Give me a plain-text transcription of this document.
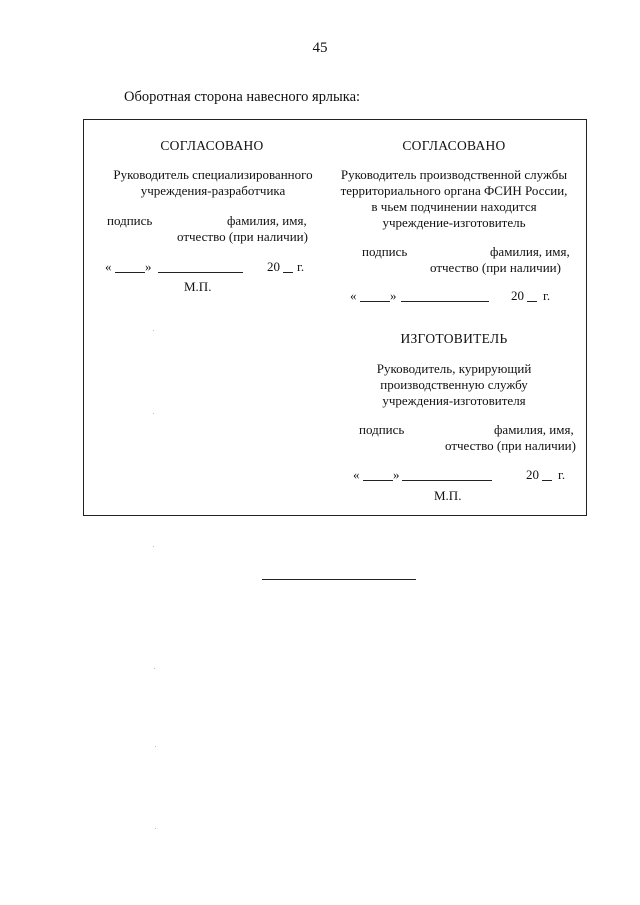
45
Оборотная сторона навесного ярлыка:
СОГЛАСОВАНО
Руководитель специализированного
учреждения-разработчика
подпись	фамилия, имя,
отчество (при наличии)
«	»	20 г.
М.П.
СОГЛАСОВАНО
Руководитель производственной службы
территориального органа ФСИН России,
в чьем подчинении находится
учреждение-изготовитель
подпись	фамилия, имя,
отчество (при наличии)
«	»	20 г.
ИЗГОТОВИТЕЛЬ
Руководитель, курирующий
производственную службу
учреждения-изготовителя
подпись	фамилия, имя,
отчество (при наличии)
«	»	20 г.
М.П.
